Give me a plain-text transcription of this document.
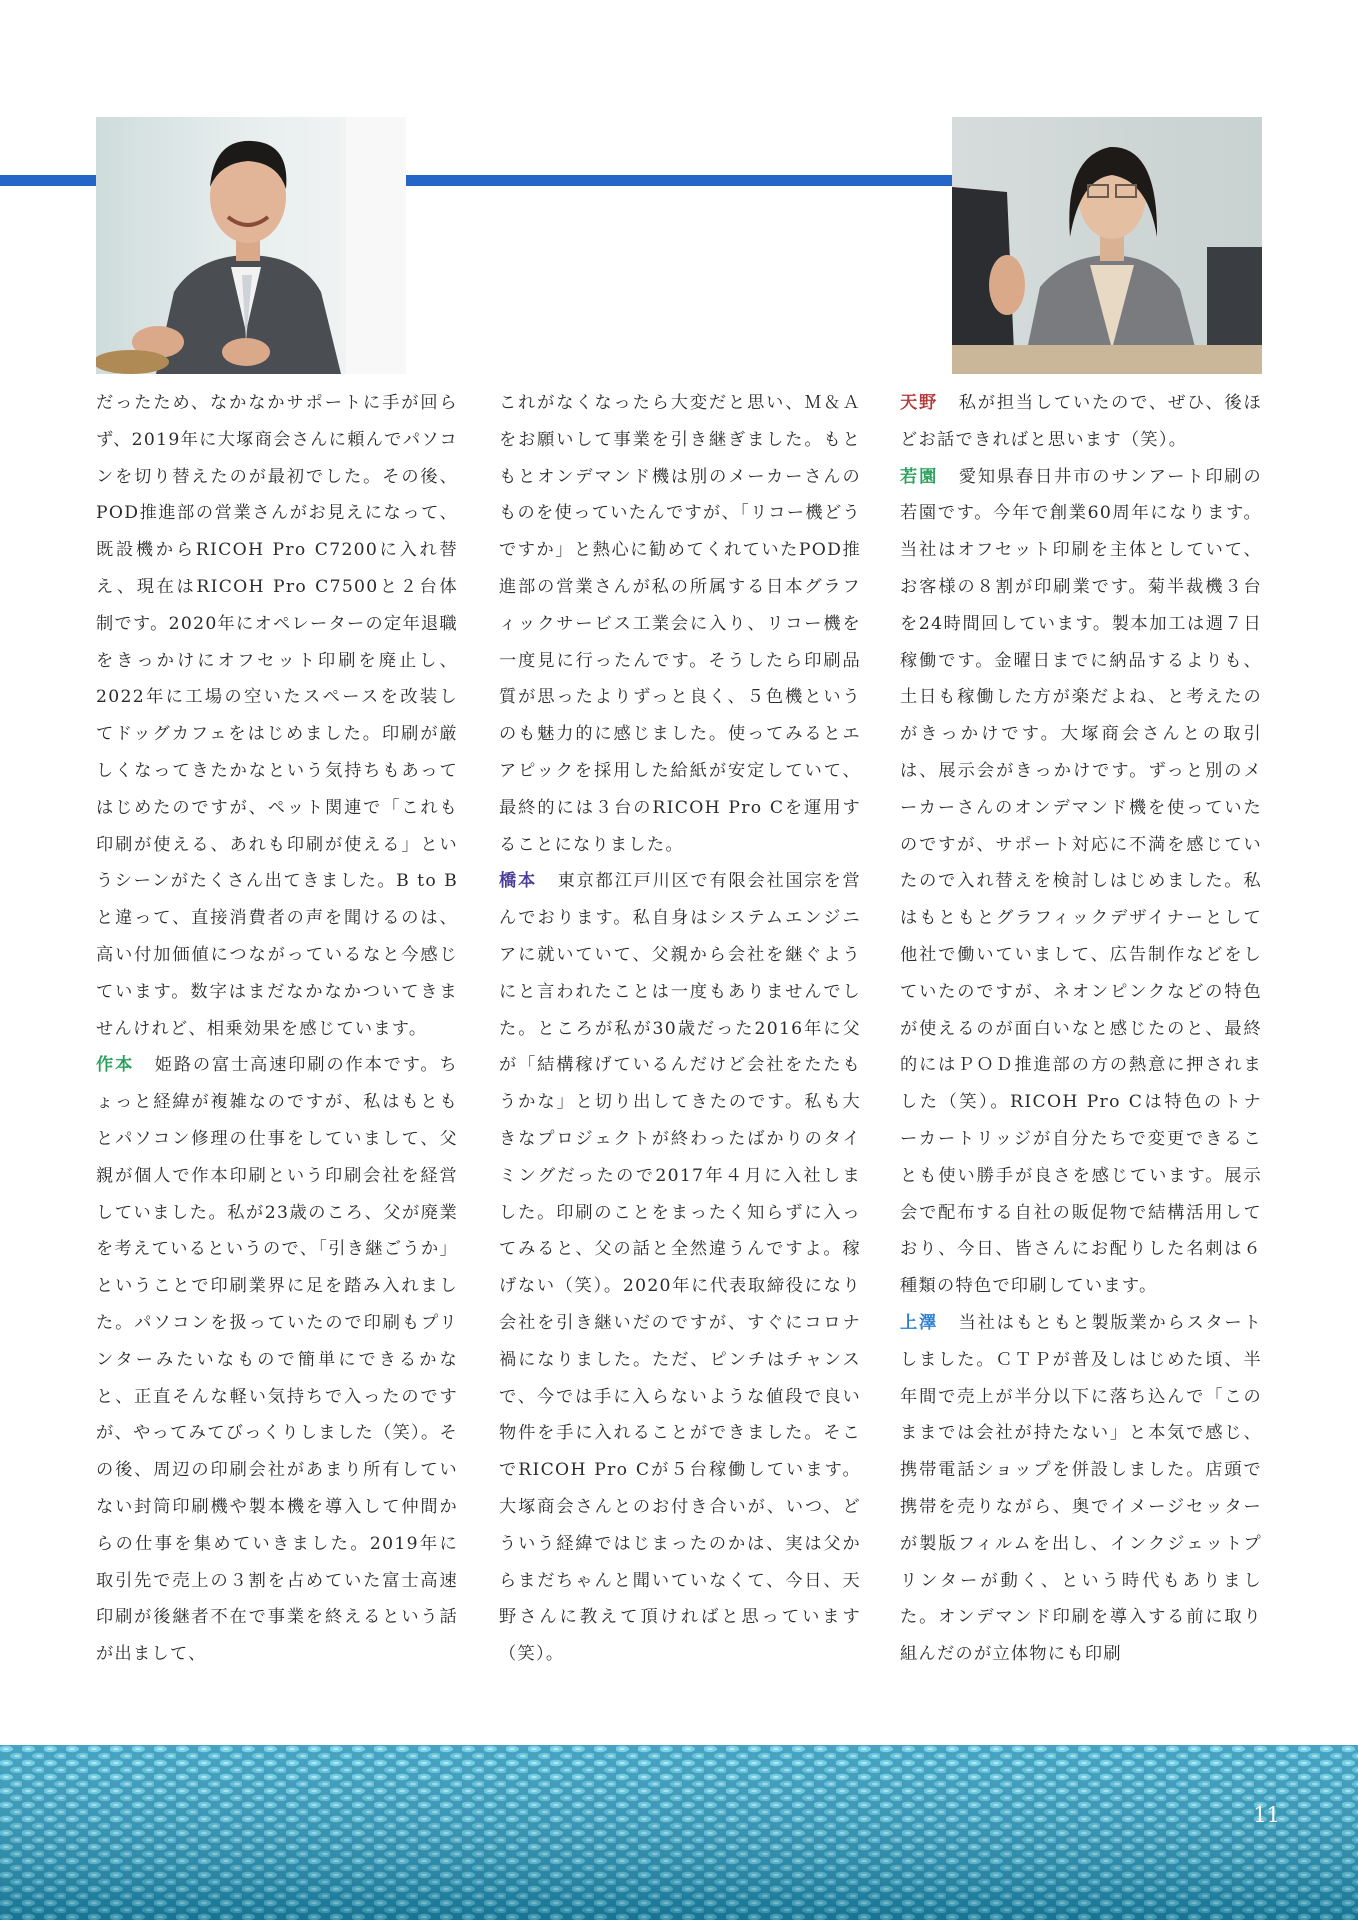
だったため、なかなかサポートに手が回らず、2019年に大塚商会さんに頼んでパソコンを切り替えたのが最初でした。その後、POD推進部の営業さんがお見えになって、既設機からRICOH Pro C7200に入れ替え、現在はRICOH Pro C7500と２台体制です。2020年にオペレーターの定年退職をきっかけにオフセット印刷を廃止し、2022年に工場の空いたスペースを改装してドッグカフェをはじめました。印刷が厳しくなってきたかなという気持ちもあってはじめたのですが、ペット関連で「これも印刷が使える、あれも印刷が使える」というシーンがたくさん出てきました。B to Bと違って、直接消費者の声を聞けるのは、高い付加価値につながっているなと今感じています。数字はまだなかなかついてきませんけれど、相乗効果を感じています。

作本 姫路の富士高速印刷の作本です。ちょっと経緯が複雑なのですが、私はもともとパソコン修理の仕事をしていまして、父親が個人で作本印刷という印刷会社を経営していました。私が23歳のころ、父が廃業を考えているというので、「引き継ごうか」ということで印刷業界に足を踏み入れました。パソコンを扱っていたので印刷もプリンターみたいなもので簡単にできるかなと、正直そんな軽い気持ちで入ったのですが、やってみてびっくりしました（笑）。その後、周辺の印刷会社があまり所有していない封筒印刷機や製本機を導入して仲間からの仕事を集めていきました。2019年に取引先で売上の３割を占めていた富士高速印刷が後継者不在で事業を終えるという話が出まして、

これがなくなったら大変だと思い、Ｍ＆Ａをお願いして事業を引き継ぎました。もともとオンデマンド機は別のメーカーさんのものを使っていたんですが、「リコー機どうですか」と熱心に勧めてくれていたPOD推進部の営業さんが私の所属する日本グラフィックサービス工業会に入り、リコー機を一度見に行ったんです。そうしたら印刷品質が思ったよりずっと良く、５色機というのも魅力的に感じました。使ってみるとエアピックを採用した給紙が安定していて、最終的には３台のRICOH Pro Cを運用することになりました。

橋本 東京都江戸川区で有限会社国宗を営んでおります。私自身はシステムエンジニアに就いていて、父親から会社を継ぐようにと言われたことは一度もありませんでした。ところが私が30歳だった2016年に父が「結構稼げているんだけど会社をたたもうかな」と切り出してきたのです。私も大きなプロジェクトが終わったばかりのタイミングだったので2017年４月に入社しました。印刷のことをまったく知らずに入ってみると、父の話と全然違うんですよ。稼げない（笑）。2020年に代表取締役になり会社を引き継いだのですが、すぐにコロナ禍になりました。ただ、ピンチはチャンスで、今では手に入らないような値段で良い物件を手に入れることができました。そこでRICOH Pro Cが５台稼働しています。大塚商会さんとのお付き合いが、いつ、どういう経緯ではじまったのかは、実は父からまだちゃんと聞いていなくて、今日、天野さんに教えて頂ければと思っています（笑）。

天野 私が担当していたので、ぜひ、後ほどお話できればと思います（笑）。

若園 愛知県春日井市のサンアート印刷の若園です。今年で創業60周年になります。当社はオフセット印刷を主体としていて、お客様の８割が印刷業です。菊半裁機３台を24時間回しています。製本加工は週７日稼働です。金曜日までに納品するよりも、土日も稼働した方が楽だよね、と考えたのがきっかけです。大塚商会さんとの取引は、展示会がきっかけです。ずっと別のメーカーさんのオンデマンド機を使っていたのですが、サポート対応に不満を感じていたので入れ替えを検討しはじめました。私はもともとグラフィックデザイナーとして他社で働いていまして、広告制作などをしていたのですが、ネオンピンクなどの特色が使えるのが面白いなと感じたのと、最終的にはＰＯＤ推進部の方の熱意に押されました（笑）。RICOH Pro Cは特色のトナーカートリッジが自分たちで変更できることも使い勝手が良さを感じています。展示会で配布する自社の販促物で結構活用しており、今日、皆さんにお配りした名刺は６種類の特色で印刷しています。

上澤 当社はもともと製版業からスタートしました。ＣＴＰが普及しはじめた頃、半年間で売上が半分以下に落ち込んで「このままでは会社が持たない」と本気で感じ、携帯電話ショップを併設しました。店頭で携帯を売りながら、奥でイメージセッターが製版フィルムを出し、インクジェットプリンターが動く、という時代もありました。オンデマンド印刷を導入する前に取り組んだのが立体物にも印刷

11
